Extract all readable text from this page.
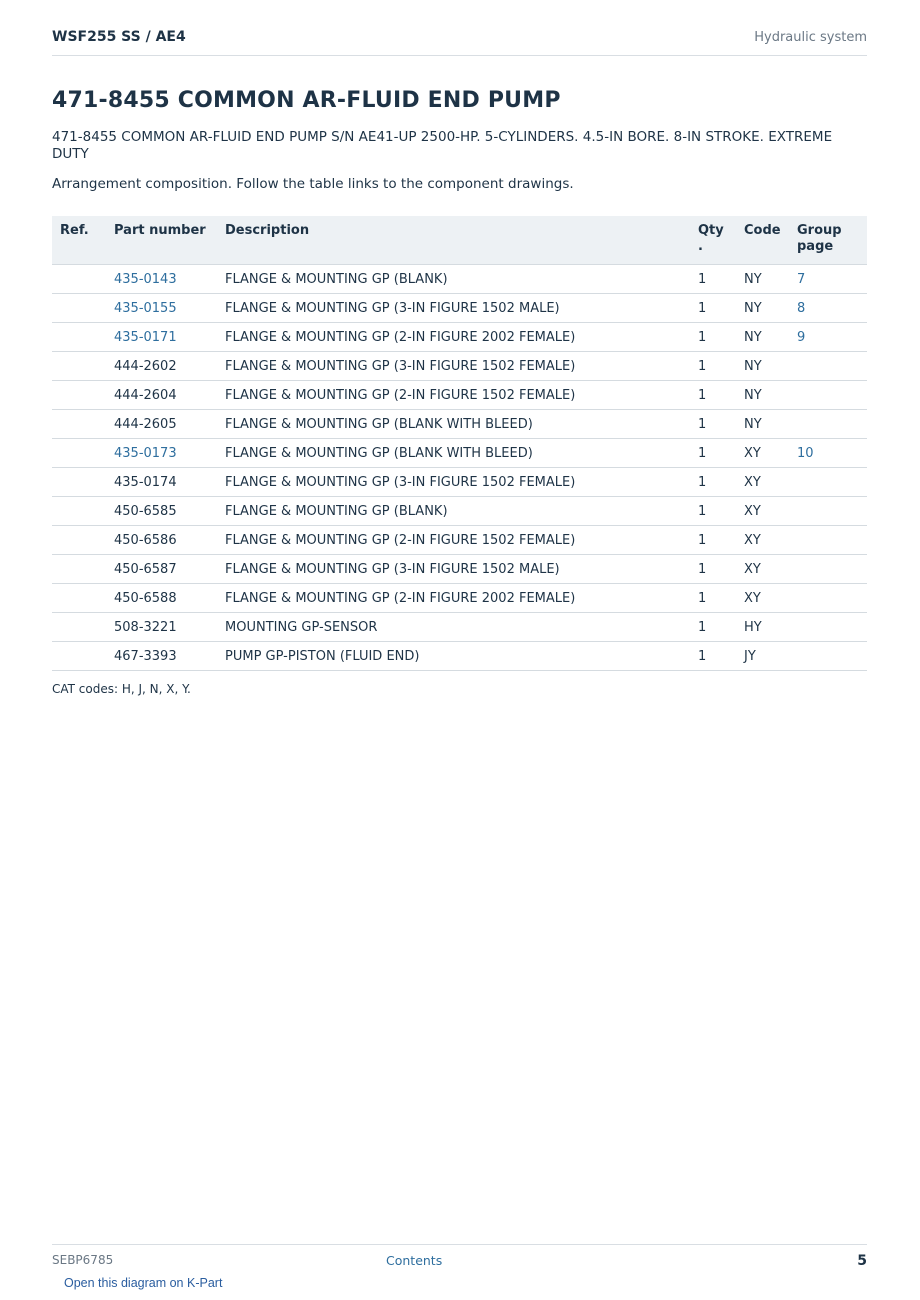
WSF255 SS / AE4	Hydraulic system
471-8455 COMMON AR-FLUID END PUMP
471-8455 COMMON AR-FLUID END PUMP S/N AE41-UP 2500-HP. 5-CYLINDERS. 4.5-IN BORE. 8-IN STROKE. EXTREME DUTY
Arrangement composition. Follow the table links to the component drawings.
Ref.	Part number	Description	Qty .	Code	Group page
	435-0143	FLANGE & MOUNTING GP (BLANK)	1	NY	7
	435-0155	FLANGE & MOUNTING GP (3-IN FIGURE 1502 MALE)	1	NY	8
	435-0171	FLANGE & MOUNTING GP (2-IN FIGURE 2002 FEMALE)	1	NY	9
	444-2602	FLANGE & MOUNTING GP (3-IN FIGURE 1502 FEMALE)	1	NY	
	444-2604	FLANGE & MOUNTING GP (2-IN FIGURE 1502 FEMALE)	1	NY	
	444-2605	FLANGE & MOUNTING GP (BLANK WITH BLEED)	1	NY	
	435-0173	FLANGE & MOUNTING GP (BLANK WITH BLEED)	1	XY	10
	435-0174	FLANGE & MOUNTING GP (3-IN FIGURE 1502 FEMALE)	1	XY	
	450-6585	FLANGE & MOUNTING GP (BLANK)	1	XY	
	450-6586	FLANGE & MOUNTING GP (2-IN FIGURE 1502 FEMALE)	1	XY	
	450-6587	FLANGE & MOUNTING GP (3-IN FIGURE 1502 MALE)	1	XY	
	450-6588	FLANGE & MOUNTING GP (2-IN FIGURE 2002 FEMALE)	1	XY	
	508-3221	MOUNTING GP-SENSOR	1	HY	
	467-3393	PUMP GP-PISTON (FLUID END)	1	JY	
CAT codes: H, J, N, X, Y.
SEBP6785	Contents	5
Open this diagram on K-Part
